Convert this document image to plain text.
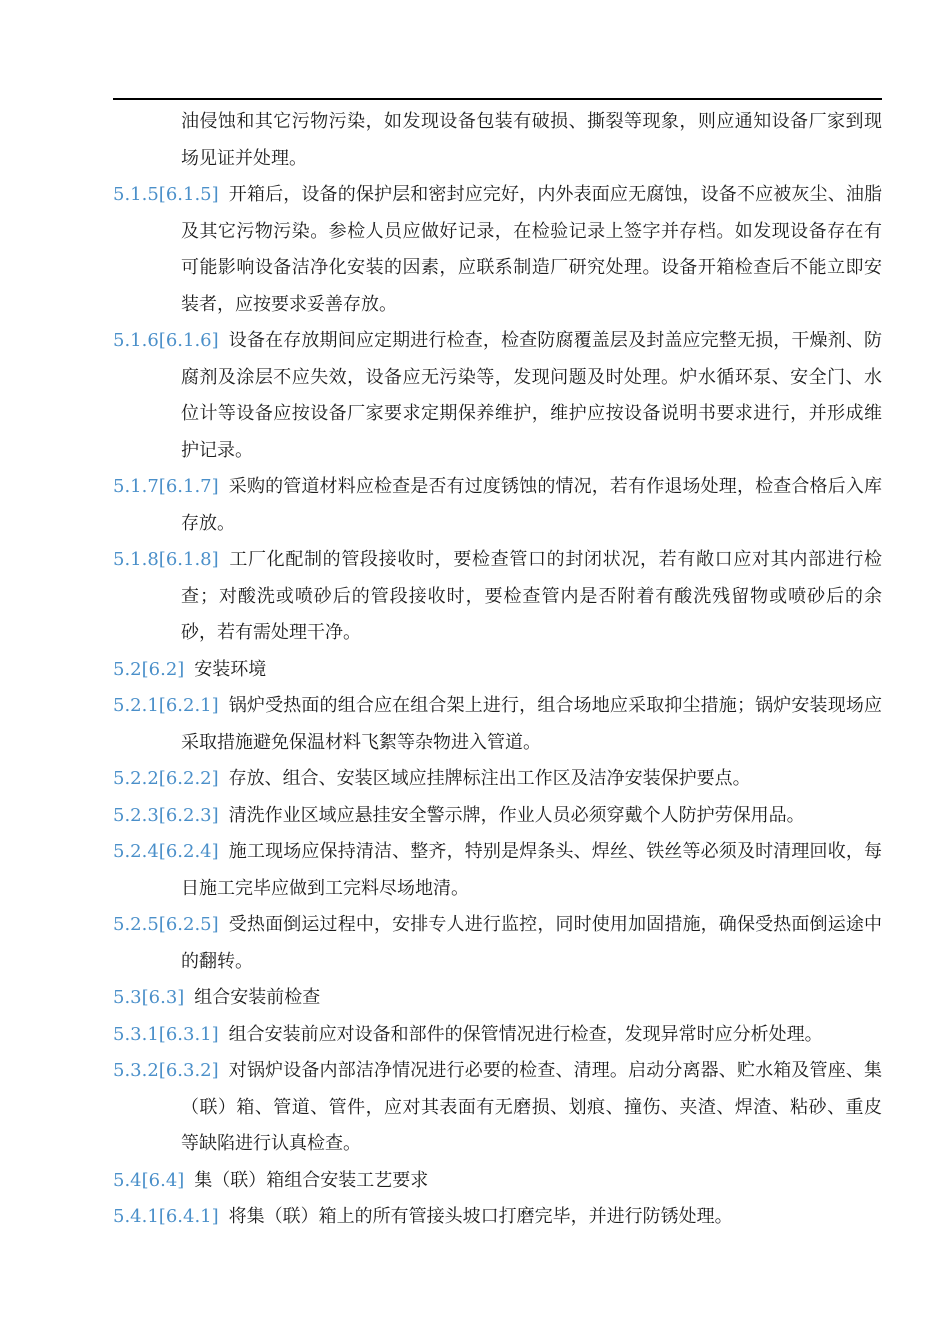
油侵蚀和其它污物污染，如发现设备包装有破损、撕裂等现象，则应通知设备厂家到现场见证并处理。
5.1.5[6.1.5] 开箱后，设备的保护层和密封应完好，内外表面应无腐蚀，设备不应被灰尘、油脂及其它污物污染。参检人员应做好记录，在检验记录上签字并存档。如发现设备存在有可能影响设备洁净化安装的因素，应联系制造厂研究处理。设备开箱检查后不能立即安装者，应按要求妥善存放。
5.1.6[6.1.6] 设备在存放期间应定期进行检查，检查防腐覆盖层及封盖应完整无损，干燥剂、防腐剂及涂层不应失效，设备应无污染等，发现问题及时处理。炉水循环泵、安全门、水位计等设备应按设备厂家要求定期保养维护，维护应按设备说明书要求进行，并形成维护记录。
5.1.7[6.1.7] 采购的管道材料应检查是否有过度锈蚀的情况，若有作退场处理，检查合格后入库存放。
5.1.8[6.1.8] 工厂化配制的管段接收时，要检查管口的封闭状况，若有敞口应对其内部进行检查；对酸洗或喷砂后的管段接收时，要检查管内是否附着有酸洗残留物或喷砂后的余砂，若有需处理干净。
5.2[6.2] 安装环境
5.2.1[6.2.1] 锅炉受热面的组合应在组合架上进行，组合场地应采取抑尘措施；锅炉安装现场应采取措施避免保温材料飞絮等杂物进入管道。
5.2.2[6.2.2] 存放、组合、安装区域应挂牌标注出工作区及洁净安装保护要点。
5.2.3[6.2.3] 清洗作业区域应悬挂安全警示牌，作业人员必须穿戴个人防护劳保用品。
5.2.4[6.2.4] 施工现场应保持清洁、整齐，特别是焊条头、焊丝、铁丝等必须及时清理回收，每日施工完毕应做到工完料尽场地清。
5.2.5[6.2.5] 受热面倒运过程中，安排专人进行监控，同时使用加固措施，确保受热面倒运途中的翻转。
5.3[6.3] 组合安装前检查
5.3.1[6.3.1] 组合安装前应对设备和部件的保管情况进行检查，发现异常时应分析处理。
5.3.2[6.3.2] 对锅炉设备内部洁净情况进行必要的检查、清理。启动分离器、贮水箱及管座、集（联）箱、管道、管件，应对其表面有无磨损、划痕、撞伤、夹渣、焊渣、粘砂、重皮等缺陷进行认真检查。
5.4[6.4] 集（联）箱组合安装工艺要求
5.4.1[6.4.1] 将集（联）箱上的所有管接头坡口打磨完毕，并进行防锈处理。
